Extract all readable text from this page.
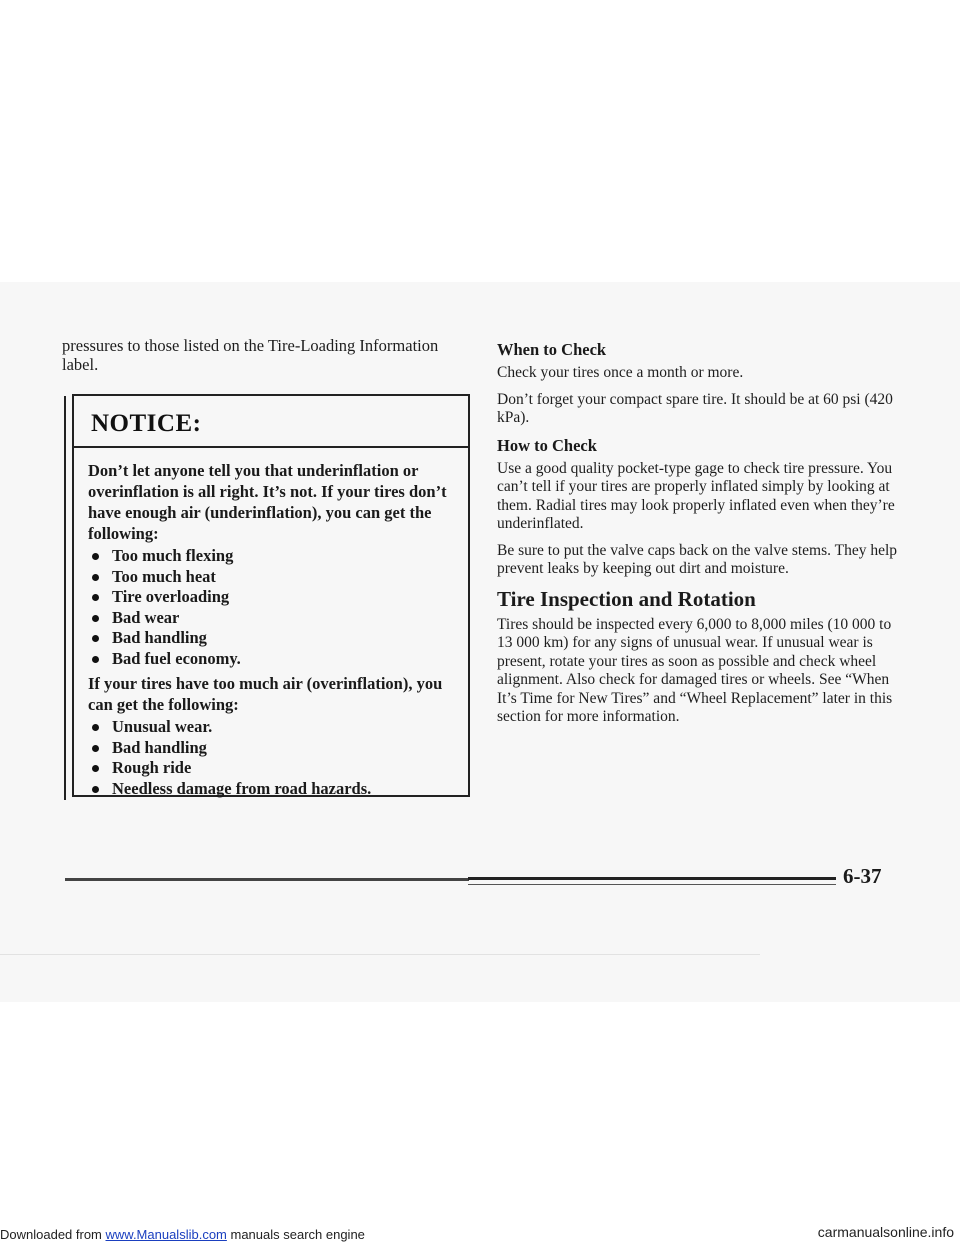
pressures to those listed on the Tire-Loading Information label.

NOTICE:

Don’t let anyone tell you that underinflation or overinflation is all right. It’s not. If your tires don’t have enough air (underinflation), you can get the following:

Too much flexing
Too much heat
Tire overloading
Bad wear
Bad handling
Bad fuel economy.

If your tires have too much air (overinflation), you can get the following:

Unusual wear.
Bad handling
Rough ride
Needless damage from road hazards.

When to Check

Check your tires once a month or more.

Don’t forget your compact spare tire. It should be at 60 psi (420 kPa).

How to Check

Use a good quality pocket-type gage to check tire pressure. You can’t tell if your tires are properly inflated simply by looking at them. Radial tires may look properly inflated even when they’re underinflated.

Be sure to put the valve caps back on the valve stems. They help prevent leaks by keeping out dirt and moisture.

Tire Inspection and Rotation

Tires should be inspected every 6,000 to 8,000 miles (10 000 to 13 000 km) for any signs of unusual wear. If unusual wear is present, rotate your tires as soon as possible and check wheel alignment. Also check for damaged tires or wheels. See “When It’s Time for New Tires” and “Wheel Replacement” later in this section for more information.

6-37
Downloaded from www.Manualslib.com manuals search engine	carmanualsonline.info
